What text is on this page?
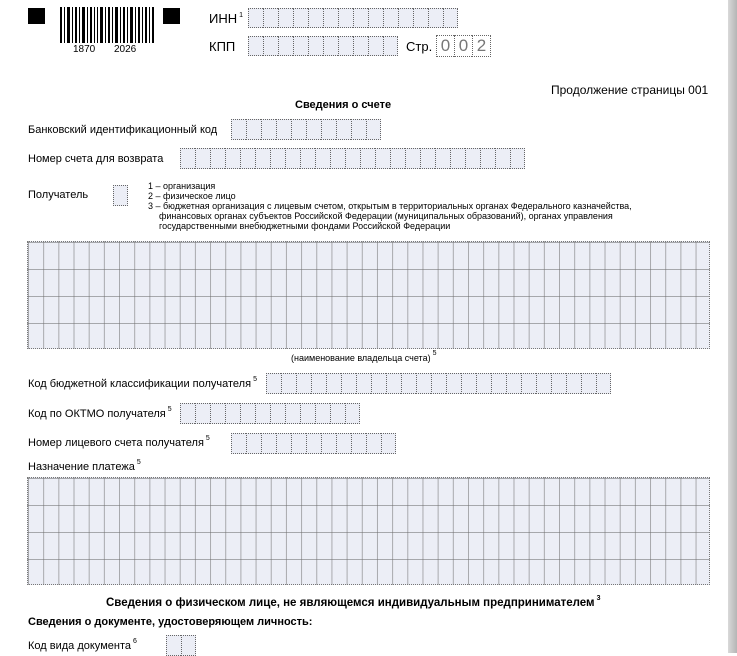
1870 2026
ИНН $^1$
КПП	Стр. 0 0 2
Продолжение страницы 001
Сведения о счете
Банковский идентификационный код
Номер счета для возврата
Получатель
1 – организация
2 – физическое лицо
3 – бюджетная организация с лицевым счетом, открытым в территориальных органах Федерального казначейства,
финансовых органах субъектов Российской Федерации (муниципальных образований), органах управления
государственными внебюджетными фондами Российской Федерации
(наименование владельца счета) $^5$
Код бюджетной классификации получателя $^5$
Код по ОКТМО получателя $^5$
Номер лицевого счета получателя $^5$
Назначение платежа $^5$
Сведения о физическом лице, не являющемся индивидуальным предпринимателем $^3$
Сведения о документе, удостоверяющем личность:
Код вида документа $^6$
